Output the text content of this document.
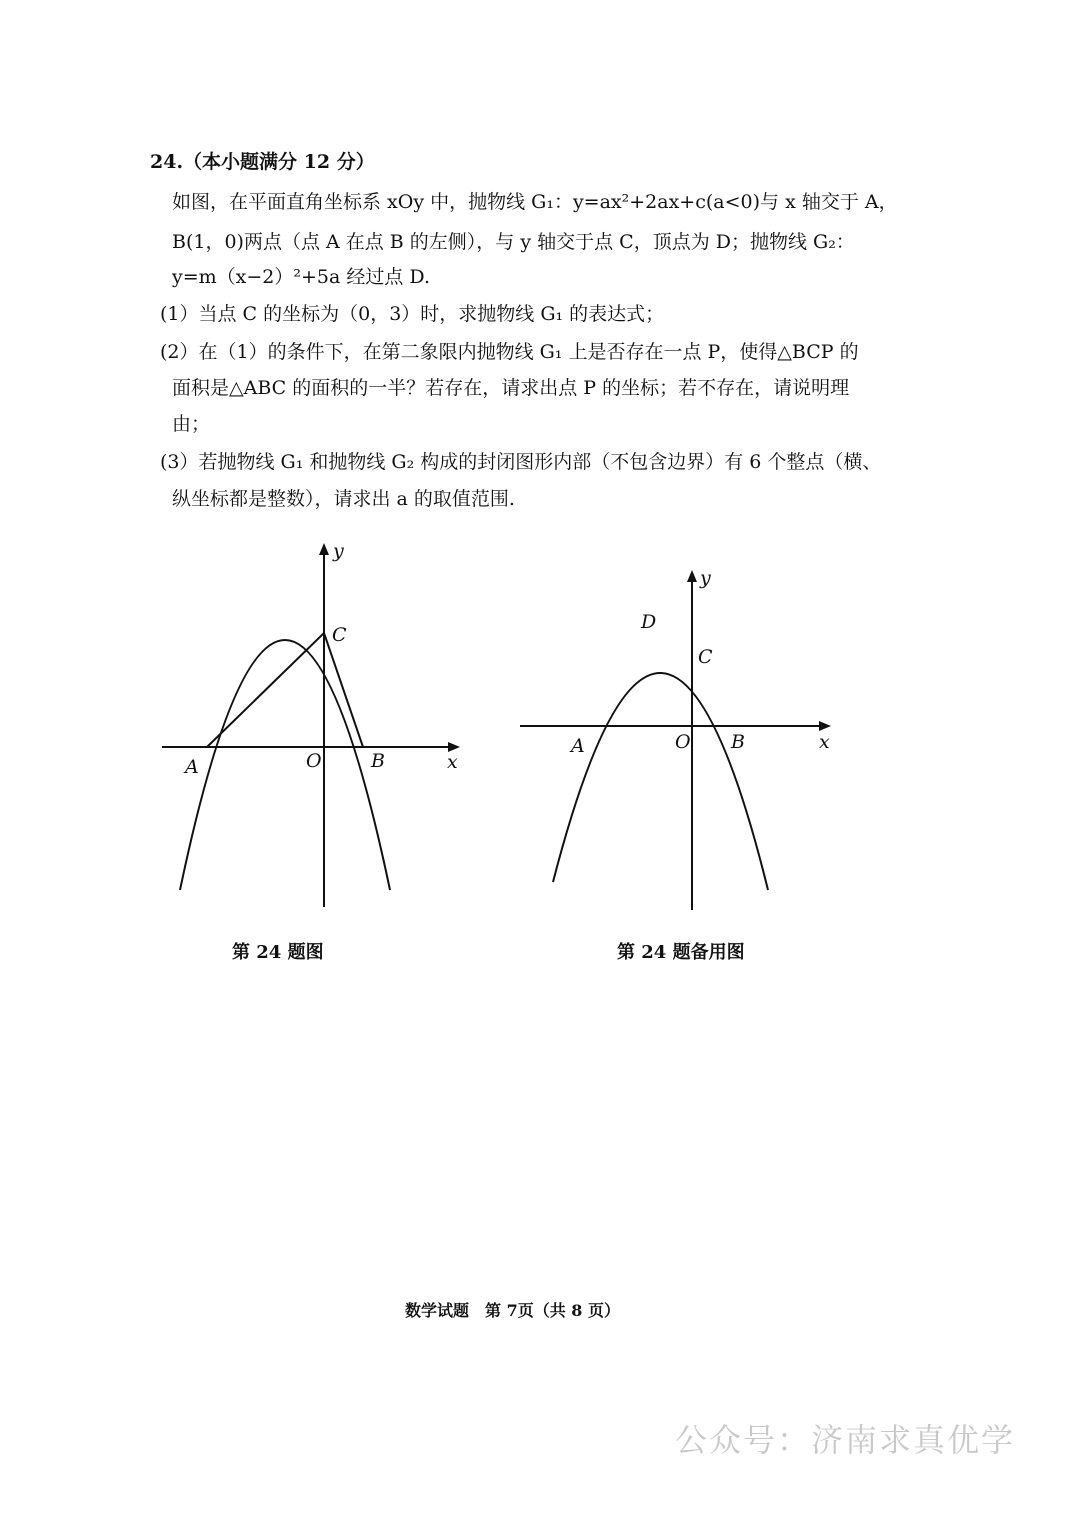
24.（本小题满分 12 分）
如图，在平面直角坐标系 xOy 中，抛物线 G₁：y=ax²+2ax+c(a<0)与 x 轴交于 A，
B(1，0)两点（点 A 在点 B 的左侧），与 y 轴交于点 C，顶点为 D；抛物线 G₂：
y=m（x−2）²+5a 经过点 D.
(1）当点 C 的坐标为（0，3）时，求抛物线 G₁ 的表达式；
(2）在（1）的条件下，在第二象限内抛物线 G₁ 上是否存在一点 P，使得△BCP 的
面积是△ABC 的面积的一半？若存在，请求出点 P 的坐标；若不存在，请说明理
由；
(3）若抛物线 G₁ 和抛物线 G₂ 构成的封闭图形内部（不包含边界）有 6 个整点（横、
纵坐标都是整数），请求出 a 的取值范围.
y
C
A	O	B	x
y
D
C
A	O B	x
第 24 题图	第 24 题备用图
数学试题　第 7页（共 8 页）
公众号：济南求真优学
